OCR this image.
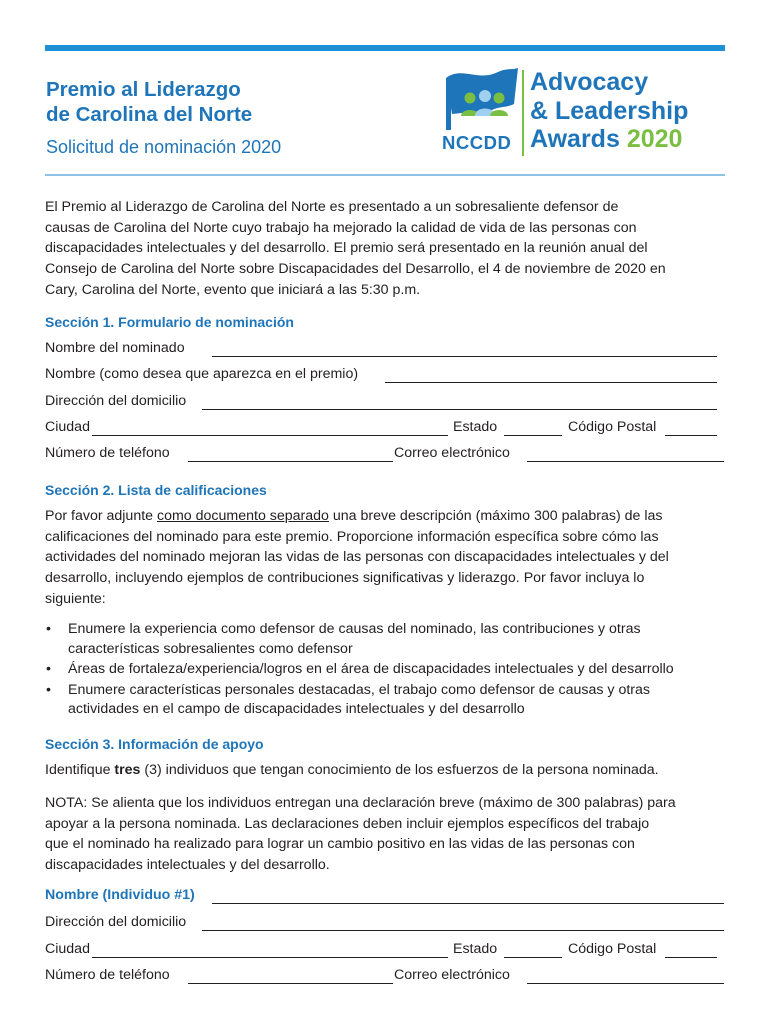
Premio al Liderazgo
de Carolina del Norte
Solicitud de nominación 2020	NCCDD
Advocacy
& Leadership
Awards 2020
El Premio al Liderazgo de Carolina del Norte es presentado a un sobresaliente defensor de
causas de Carolina del Norte cuyo trabajo ha mejorado la calidad de vida de las personas con
discapacidades intelectuales y del desarrollo. El premio será presentado en la reunión anual del
Consejo de Carolina del Norte sobre Discapacidades del Desarrollo, el 4 de noviembre de 2020 en
Cary, Carolina del Norte, evento que iniciará a las 5:30 p.m.
Sección 1. Formulario de nominación
Nombre del nominado
Nombre (como desea que aparezca en el premio)
Dirección del domicilio
Ciudad	Estado	Código Postal
Número de teléfono	Correo electrónico
Sección 2. Lista de calificaciones
Por favor adjunte como documento separado una breve descripción (máximo 300 palabras) de las
calificaciones del nominado para este premio. Proporcione información específica sobre cómo las
actividades del nominado mejoran las vidas de las personas con discapacidades intelectuales y del
desarrollo, incluyendo ejemplos de contribuciones significativas y liderazgo. Por favor incluya lo
siguiente:
• Enumere la experiencia como defensor de causas del nominado, las contribuciones y otras
características sobresalientes como defensor
• Áreas de fortaleza/experiencia/logros en el área de discapacidades intelectuales y del desarrollo
• Enumere características personales destacadas, el trabajo como defensor de causas y otras
actividades en el campo de discapacidades intelectuales y del desarrollo
Sección 3. Información de apoyo
Identifique tres (3) individuos que tengan conocimiento de los esfuerzos de la persona nominada.
NOTA: Se alienta que los individuos entregan una declaración breve (máximo de 300 palabras) para
apoyar a la persona nominada. Las declaraciones deben incluir ejemplos específicos del trabajo
que el nominado ha realizado para lograr un cambio positivo en las vidas de las personas con
discapacidades intelectuales y del desarrollo.
Nombre (Individuo #1)
Dirección del domicilio
Ciudad	Estado	Código Postal
Número de teléfono	Correo electrónico
